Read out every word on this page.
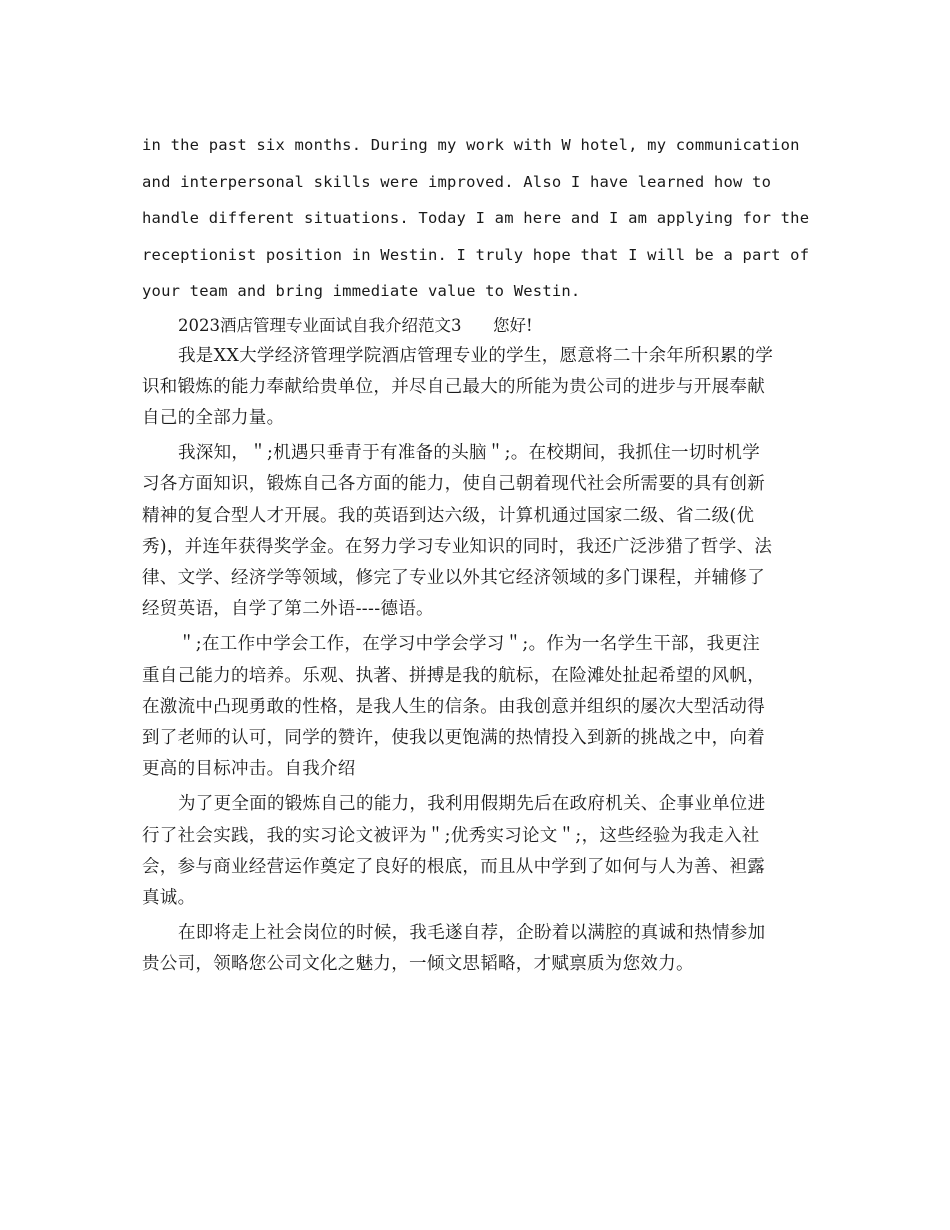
in the past six months. During my work with W hotel, my communication
and interpersonal skills were improved. Also I have learned how to
handle different situations. Today I am here and I am applying for the
receptionist position in Westin. I truly hope that I will be a part of
your team and bring immediate value to Westin.
2023酒店管理专业面试自我介绍范文3      您好!
我是XX大学经济管理学院酒店管理专业的学生，愿意将二十余年所积累的学
识和锻炼的能力奉献给贵单位，并尽自己最大的所能为贵公司的进步与开展奉献
自己的全部力量。
我深知，＂;机遇只垂青于有准备的头脑＂;。在校期间，我抓住一切时机学
习各方面知识，锻炼自己各方面的能力，使自己朝着现代社会所需要的具有创新
精神的复合型人才开展。我的英语到达六级，计算机通过国家二级、省二级(优
秀)，并连年获得奖学金。在努力学习专业知识的同时，我还广泛涉猎了哲学、法
律、文学、经济学等领域，修完了专业以外其它经济领域的多门课程，并辅修了
经贸英语，自学了第二外语----德语。
＂;在工作中学会工作，在学习中学会学习＂;。作为一名学生干部，我更注
重自己能力的培养。乐观、执著、拼搏是我的航标，在险滩处扯起希望的风帆，
在激流中凸现勇敢的性格，是我人生的信条。由我创意并组织的屡次大型活动得
到了老师的认可，同学的赞许，使我以更饱满的热情投入到新的挑战之中，向着
更高的目标冲击。自我介绍
为了更全面的锻炼自己的能力，我利用假期先后在政府机关、企事业单位进
行了社会实践，我的实习论文被评为＂;优秀实习论文＂;，这些经验为我走入社
会，参与商业经营运作奠定了良好的根底，而且从中学到了如何与人为善、袒露
真诚。
在即将走上社会岗位的时候，我毛遂自荐，企盼着以满腔的真诚和热情参加
贵公司，领略您公司文化之魅力，一倾文思韬略，才赋禀质为您效力。
